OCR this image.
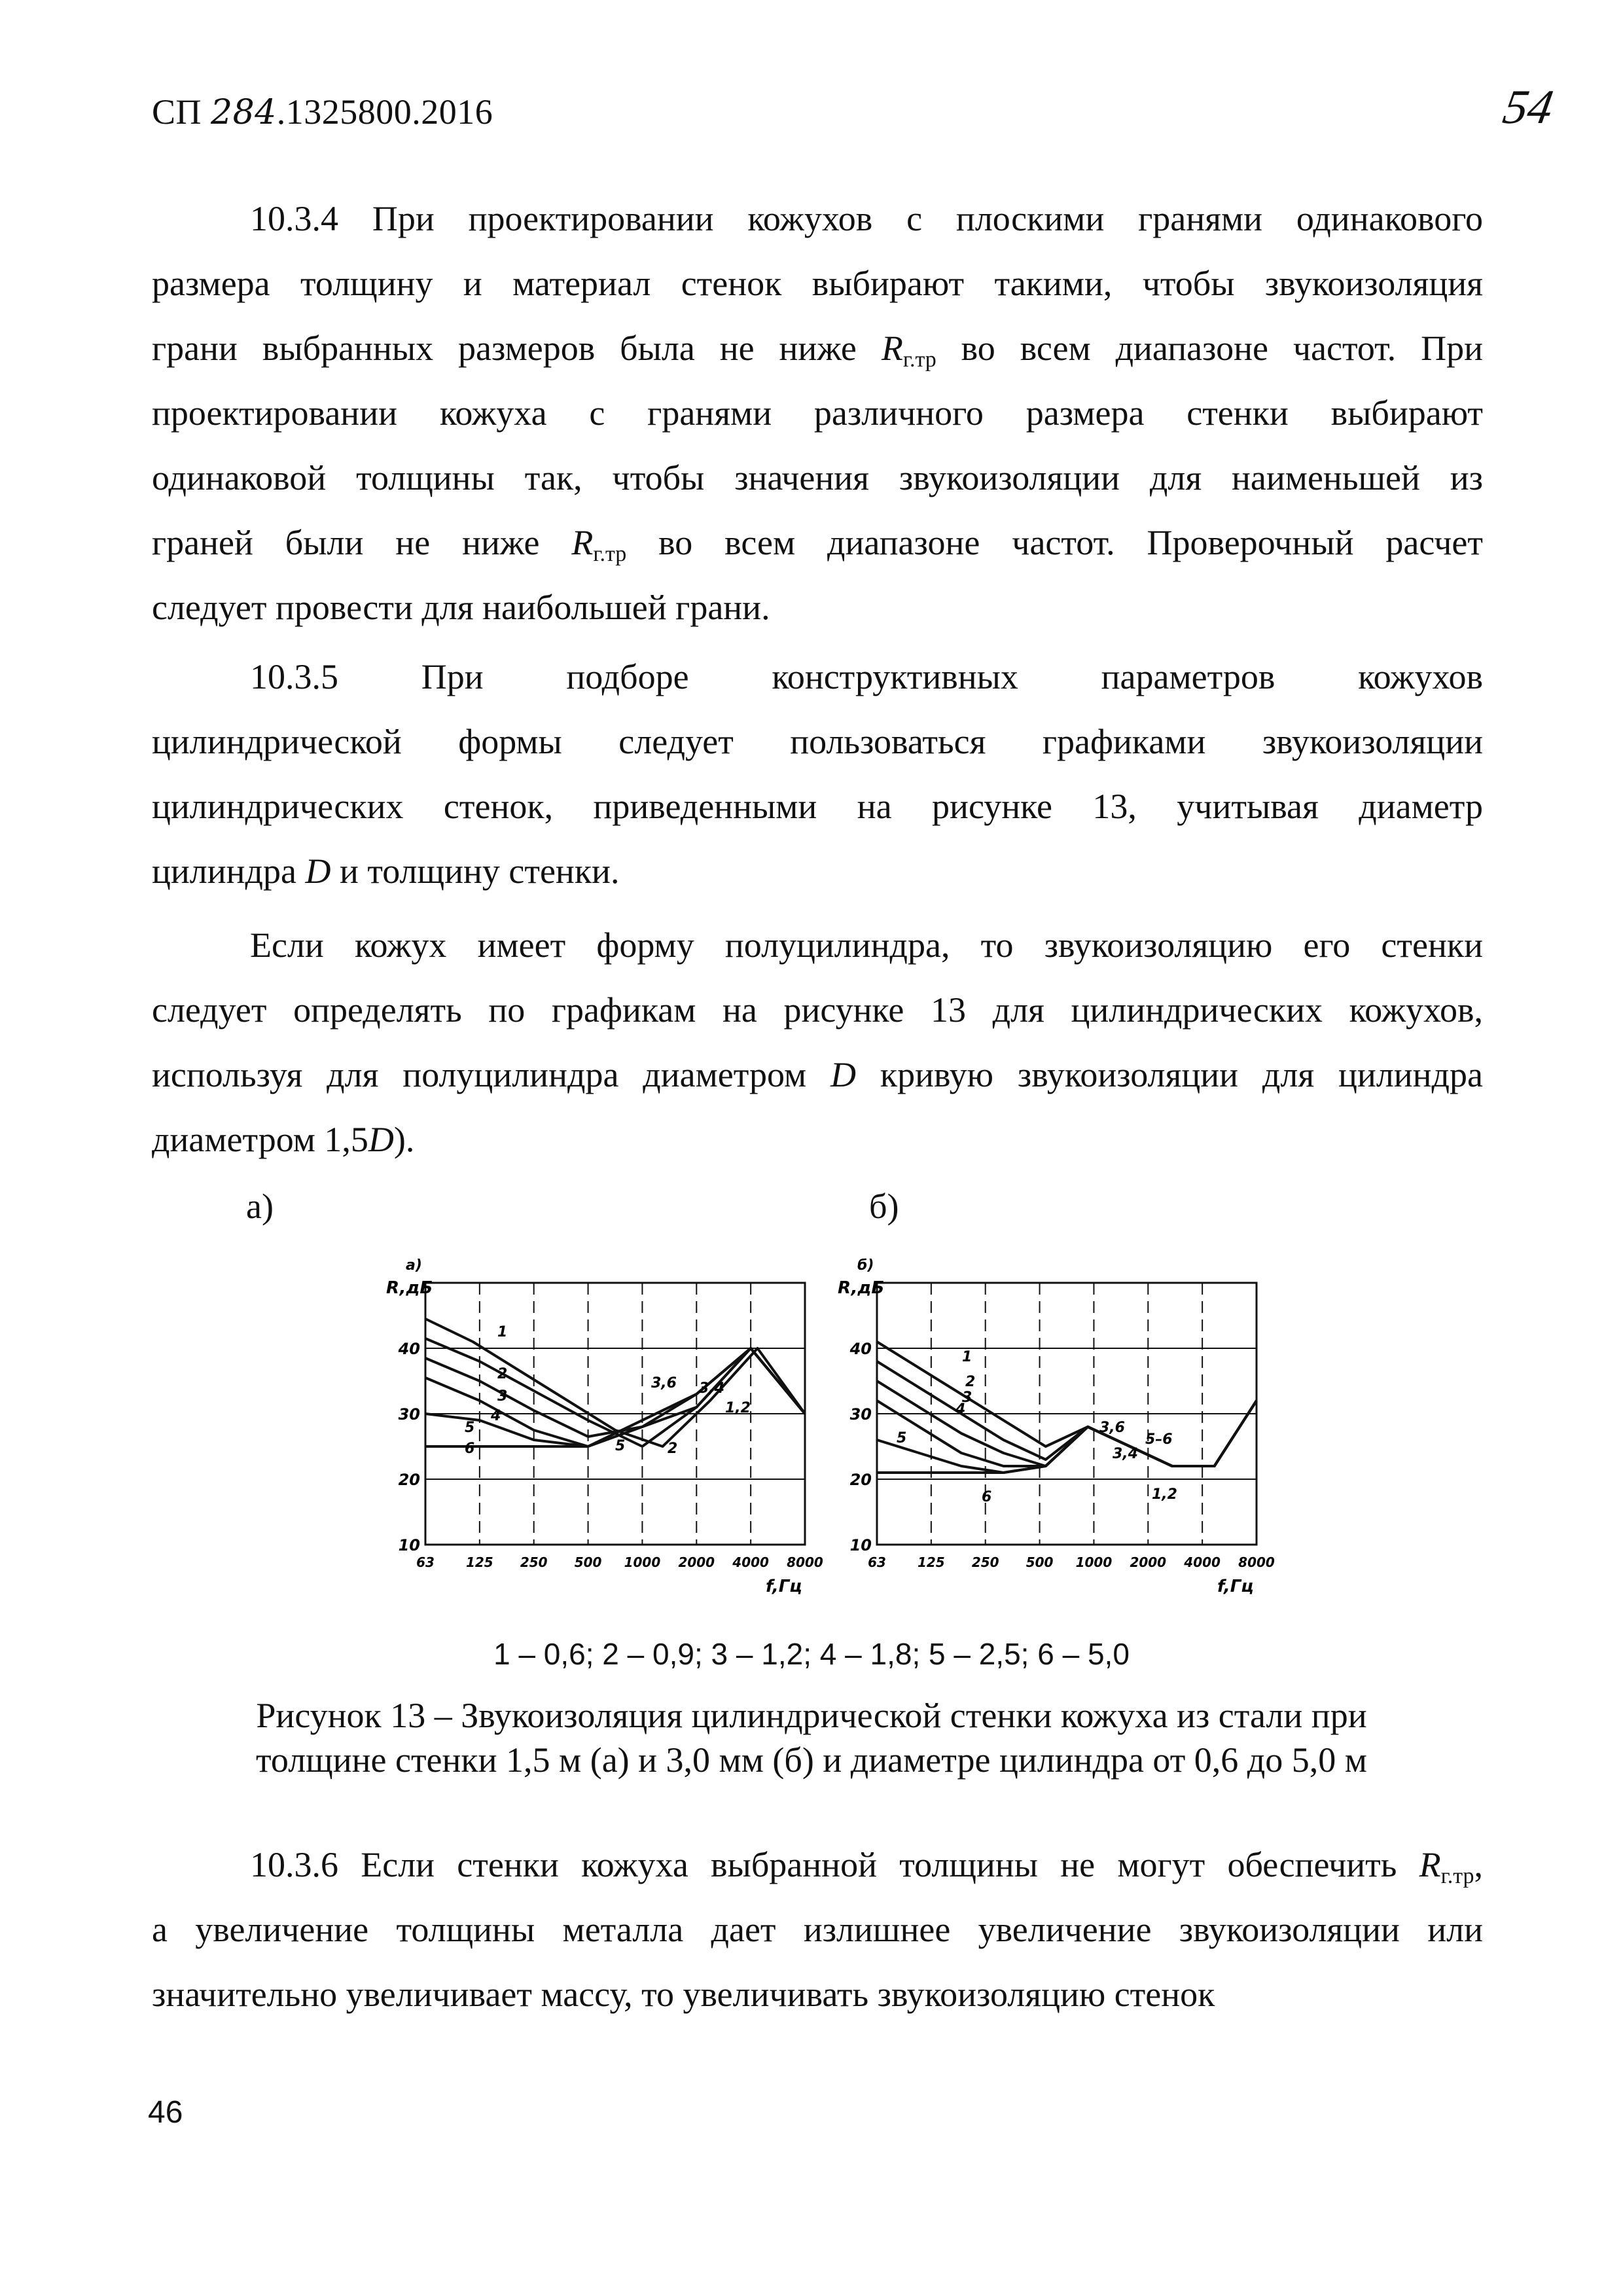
СП 284.1325800.2016	54

10.3.4 При проектировании кожухов с плоскими гранями одинакового

размера толщину и материал стенок выбирают такими, чтобы звукоизоляция

грани выбранных размеров была не ниже $R_{г.тр}$ во всем диапазоне частот. При

проектировании кожуха с гранями различного размера стенки выбирают

одинаковой толщины так, чтобы значения звукоизоляции для наименьшей из

граней были не ниже $R_{г.тр}$ во всем диапазоне частот. Проверочный расчет

следует провести для наибольшей грани.

10.3.5 При подборе конструктивных параметров кожухов

цилиндрической формы следует пользоваться графиками звукоизоляции

цилиндрических стенок, приведенными на рисунке 13, учитывая диаметр

цилиндра D и толщину стенки.

Если кожух имеет форму полуцилиндра, то звукоизоляцию его стенки

следует определять по графикам на рисунке 13 для цилиндрических кожухов,

используя для полуцилиндра диаметром D кривую звукоизоляции для цилиндра

диаметром 1,5D).

а)	б)
10
20
30
40
63 125 250 500 1000 2000 4000 8000
R,дБ
а)
f,Гц
1
2
3
4
5
6	5	2
3,6 3,4
1,2
10
20
30
40
63 125 250 500 1000 2000 4000 8000
R,дБ
б)
f,Гц
1
2
3
4
5
6
3,6
3,4
5–6
1,2
1 – 0,6; 2 – 0,9; 3 – 1,2; 4 – 1,8; 5 – 2,5; 6 – 5,0
Рисунок 13 – Звукоизоляция цилиндрической стенки кожуха из стали при
толщине стенки 1,5 м (а) и 3,0 мм (б) и диаметре цилиндра от 0,6 до 5,0 м

10.3.6 Если стенки кожуха выбранной толщины не могут обеспечить $R_{г.тр}$,

а увеличение толщины металла дает излишнее увеличение звукоизоляции или

значительно увеличивает массу, то увеличивать звукоизоляцию стенок

46
